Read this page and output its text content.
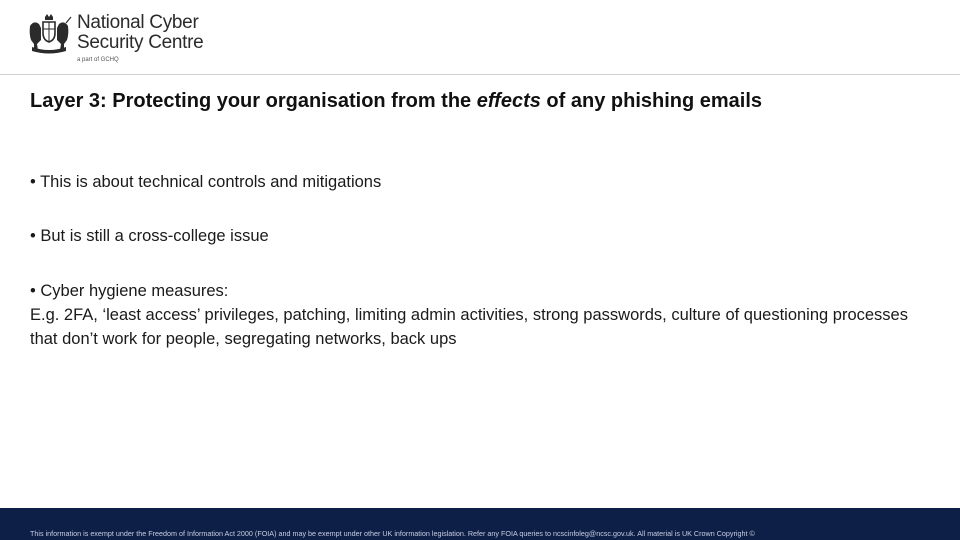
National Cyber
Security Centre
a part of GCHQ
Layer 3: Protecting your organisation from the effects of any phishing emails
• This is about technical controls and mitigations
• But is still a cross-college issue
• Cyber hygiene measures:
E.g. 2FA, ‘least access’ privileges, patching, limiting admin activities, strong passwords, culture of questioning processes that don’t work for people, segregating networks, back ups
This information is exempt under the Freedom of Information Act 2000 (FOIA) and may be exempt under other UK information legislation. Refer any FOIA queries to ncscinfoleg@ncsc.gov.uk. All material is UK Crown Copyright ©
